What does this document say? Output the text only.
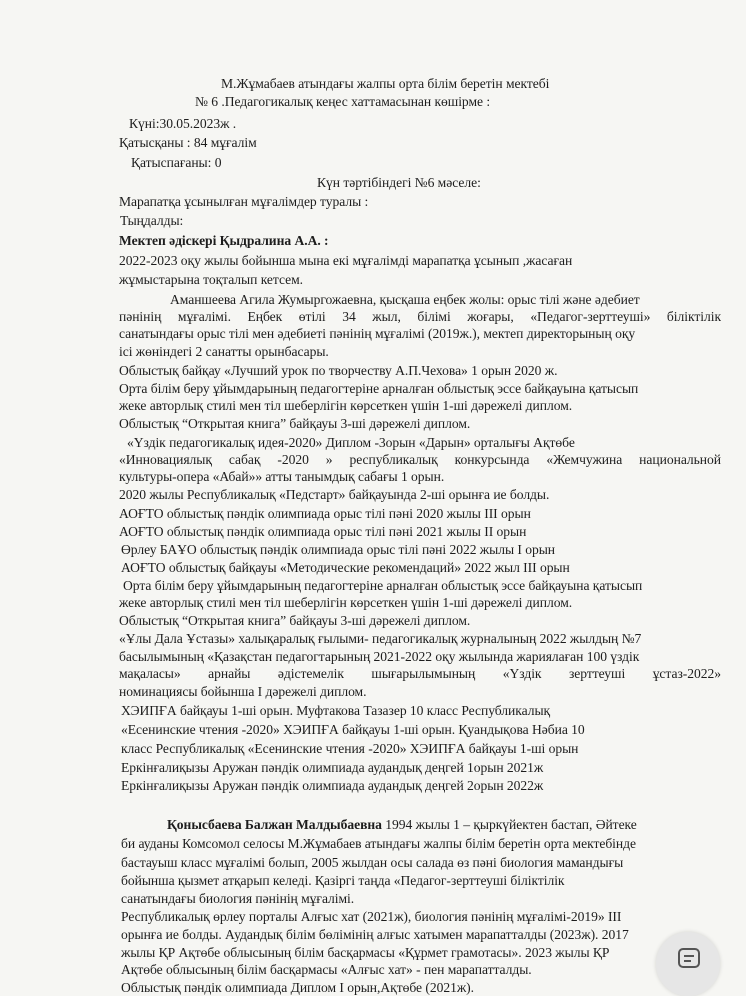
М.Жұмабаев атындағы жалпы орта білім беретін мектебі
№ 6 .Педагогикалық кеңес хаттамасынан көшірме :
Күні:30.05.2023ж .
Қатысқаны : 84 мұғалім
Қатыспағаны: 0
Күн тәртібіндегі №6 мәселе:
Марапатқа ұсынылған мұғалімдер туралы :
Тыңдалды:
Мектеп әдіскері Қыдралина А.А. :
2022-2023 оқу жылы бойынша мына екі мұғалімді марапатқа ұсынып ,жасаған
жұмыстарына тоқталып кетсем.
Аманшеева Агила Жумыргожаевна, қысқаша еңбек жолы: орыс тілі және әдебиет
пәнінің мұғалімі. Еңбек өтілі 34 жыл, білімі жоғары, «Педагог-зерттеуші» біліктілік
санатындағы орыс тілі мен әдебиеті пәнінің мұғалімі (2019ж.), мектеп директорының оқу
ісі жөніндегі 2 санатты орынбасары.
Облыстық байқау «Лучший урок по творчеству А.П.Чехова» 1 орын 2020 ж.
Орта білім беру ұйымдарының педагогтеріне арналған облыстық эссе байқауына қатысып
жеке авторлық стилі мен тіл шеберлігін көрсеткен үшін 1-ші дәрежелі диплом.
Облыстық “Открытая книга” байқауы 3-ші дәрежелі диплом.
«Үздік педагогикалық идея-2020» Диплом -3орын «Дарын» орталығы Ақтөбе
«Инновациялық сабақ -2020 » республикалық конкурсында «Жемчужина национальной
культуры-опера «Абай»» атты танымдық сабағы 1 орын.
2020 жылы Республикалық «Педстарт» байқауында 2-ші орынға ие болды.
АОҒТО облыстық пәндік олимпиада орыс тілі пәні 2020 жылы ІІІ орын
АОҒТО облыстық пәндік олимпиада орыс тілі пәні 2021 жылы ІІ орын
Өрлеу БАҰО облыстық пәндік олимпиада орыс тілі пәні 2022 жылы І орын
АОҒТО облыстық байқауы «Методические рекомендаций» 2022 жыл ІІІ орын
Орта білім беру ұйымдарының педагогтеріне арналған облыстық эссе байқауына қатысып
жеке авторлық стилі мен тіл шеберлігін көрсеткен үшін 1-ші дәрежелі диплом.
Облыстық “Открытая книга” байқауы 3-ші дәрежелі диплом.
«Ұлы Дала Ұстазы» халықаралық ғылыми- педагогикалық журналының 2022 жылдың №7
басылымының «Қазақстан педагогтарының 2021-2022 оқу жылында жариялаған 100 үздік
мақаласы» арнайы әдістемелік шығарылымының «Үздік зерттеуші ұстаз-2022»
номинациясы бойынша І дәрежелі диплом.
ХЭИПҒА байқауы 1-ші орын. Муфтакова Тазазер 10 класс Республикалық
«Есенинские чтения -2020» ХЭИПҒА байқауы 1-ші орын. Қуандықова Нәбиа 10
класс Республикалық «Есенинские чтения -2020» ХЭИПҒА байқауы 1-ші орын
Еркінғалиқызы Аружан пәндік олимпиада аудандық деңгей 1орын 2021ж
Еркінғалиқызы Аружан пәндік олимпиада аудандық деңгей 2орын 2022ж
Қонысбаева Балжан Малдыбаевна 1994 жылы 1 – қыркүйектен бастап, Әйтеке
би ауданы Комсомол селосы М.Жұмабаев атындағы жалпы білім беретін орта мектебінде
бастауыш класс мұғалімі болып, 2005 жылдан осы салада өз пәні биология мамандығы
бойынша қызмет атқарып келеді. Қазіргі таңда «Педагог-зерттеуші біліктілік
санатындағы биология пәнінің мұғалімі.
Республикалық өрлеу порталы Алғыс хат (2021ж), биология пәнінің мұғалімі-2019» ІІІ
орынға ие болды. Аудандық білім бөлімінің алғыс хатымен марапатталды (2023ж). 2017
жылы ҚР Ақтөбе облысының білім басқармасы «Құрмет грамотасы». 2023 жылы ҚР
Ақтөбе облысының білім басқармасы «Алғыс хат» - пен марапатталды.
Облыстық пәндік олимпиада Диплом І орын,Ақтөбе (2021ж).
